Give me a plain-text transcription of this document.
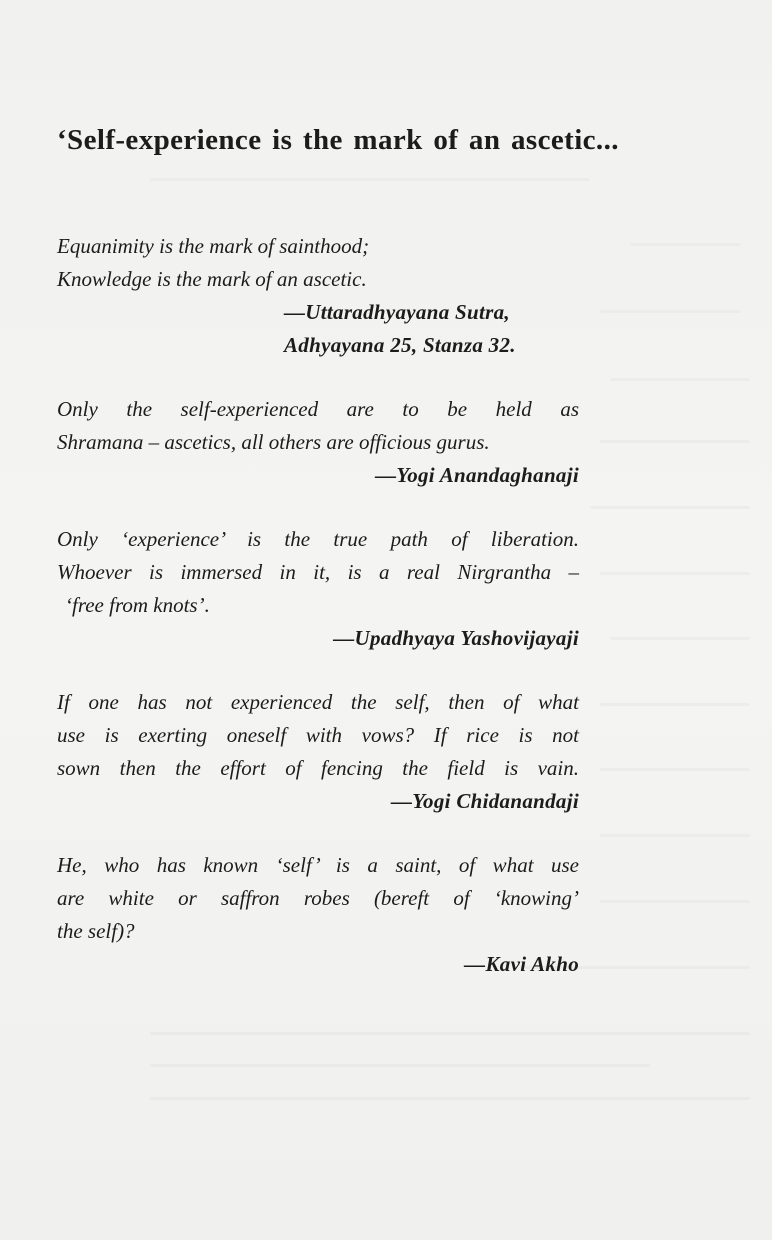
‘Self-experience is the mark of an ascetic...
Equanimity is the mark of sainthood;
Knowledge is the mark of an ascetic.
—Uttaradhyayana Sutra,
Adhyayana 25, Stanza 32.
Only the self-experienced are to be held as
Shramana – ascetics, all others are officious gurus.
—Yogi Anandaghanaji
Only ‘experience’ is the true path of liberation.
Whoever is immersed in it, is a real Nirgrantha –
‘free from knots’.
—Upadhyaya Yashovijayaji
If one has not experienced the self, then of what
use is exerting oneself with vows? If rice is not
sown then the effort of fencing the field is vain.
—Yogi Chidanandaji
He, who has known ‘self’ is a saint, of what use
are white or saffron robes (bereft of ‘knowing’
the self)?
—Kavi Akho
